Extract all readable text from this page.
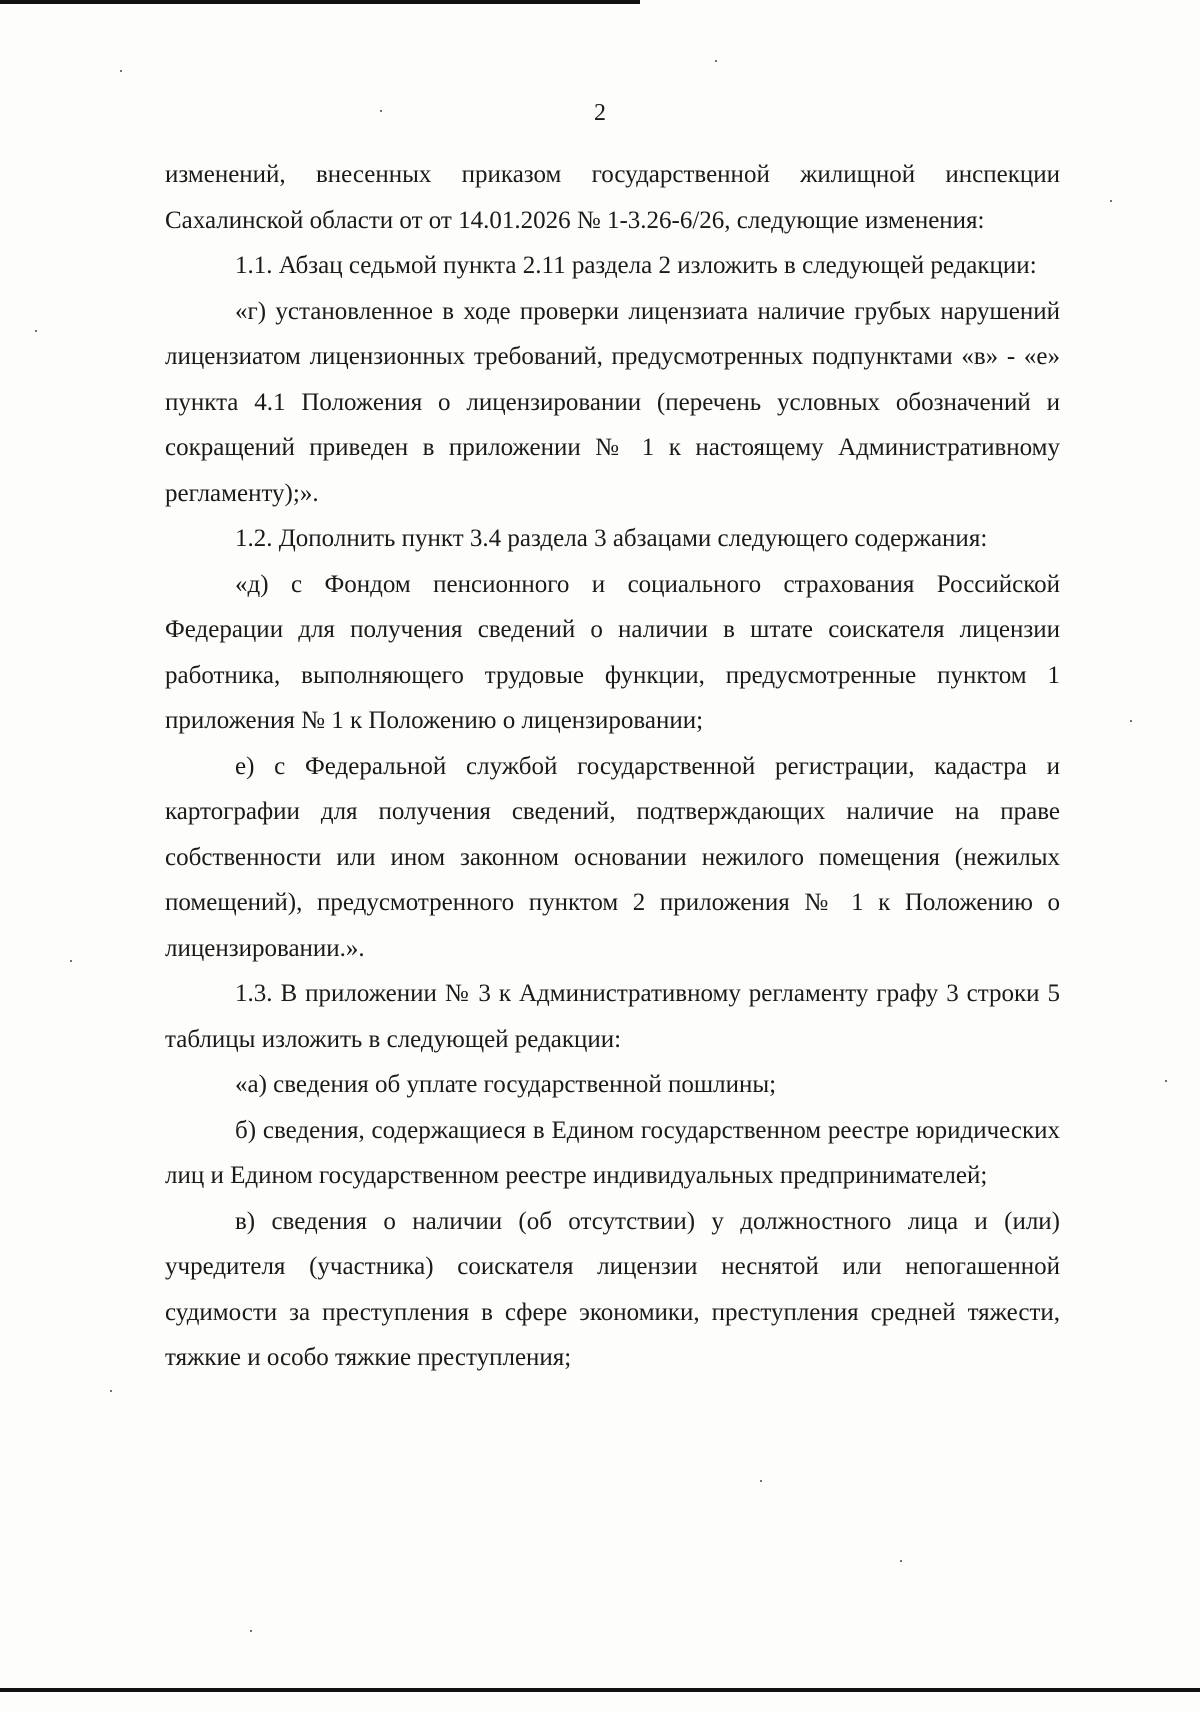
2

изменений, внесенных приказом государственной жилищной инспекции Сахалинской области от от 14.01.2026 № 1-3.26-6/26, следующие изменения:

1.1. Абзац седьмой пункта 2.11 раздела 2 изложить в следующей редакции:

«г) установленное в ходе проверки лицензиата наличие грубых нарушений лицензиатом лицензионных требований, предусмотренных подпунктами «в» - «е» пункта 4.1 Положения о лицензировании (перечень условных обозначений и сокращений приведен в приложении № 1 к настоящему Административному регламенту);».

1.2. Дополнить пункт 3.4 раздела 3 абзацами следующего содержания:

«д) с Фондом пенсионного и социального страхования Российской Федерации для получения сведений о наличии в штате соискателя лицензии работника, выполняющего трудовые функции, предусмотренные пунктом 1 приложения № 1 к Положению о лицензировании;

е) с Федеральной службой государственной регистрации, кадастра и картографии для получения сведений, подтверждающих наличие на праве собственности или ином законном основании нежилого помещения (нежилых помещений), предусмотренного пунктом 2 приложения № 1 к Положению о лицензировании.».

1.3. В приложении № 3 к Административному регламенту графу 3 строки 5 таблицы изложить в следующей редакции:

«а) сведения об уплате государственной пошлины;

б) сведения, содержащиеся в Едином государственном реестре юридических лиц и Едином государственном реестре индивидуальных предпринимателей;

в) сведения о наличии (об отсутствии) у должностного лица и (или) учредителя (участника) соискателя лицензии неснятой или непогашенной судимости за преступления в сфере экономики, преступления средней тяжести, тяжкие и особо тяжкие преступления;
